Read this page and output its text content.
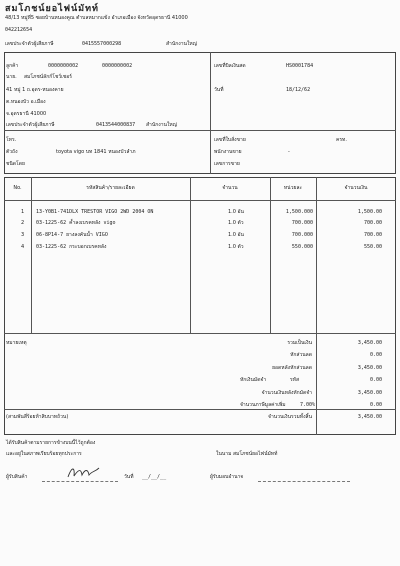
สมโภชน์ยอไฟน์มัทท์
48/13 หมู่ที่5 ซอยบ้านหนองคูณ ตำบลหมากแข้ง อำเภอเมือง จังหวัดอุดรธานี 41000
042212654
เลขประจำตัวผู้เสียภาษี	0415557000298	สำนักงานใหญ่
ลูกค้า	0000000002	0000000002
นาย. สมโภชน์ลักก์โชว์เชอร์
41 หมู่ 1 ถ.อุดร-หนองคาย
ต.หนองบัว อ.เมือง
จ.อุดรธานี 41000
เลขประจำตัวผู้เสียภาษี	0413544000837 สำนักงานใหญ่
เลขที่บิลเงินสด	HS0001784
วันที่	18/12/62
โทร.
ตัวถัง	toyota vigo บท 1841 หนองบัวลำภ
ชนิดโดย
เลขที่ใบสั่งขาย	ครท.
พนักงานขาย	-
เลขการขาย
No.	รหัสสินค้า/รายละเอียด	จำนวน	หน่วยละ	จำนวนเงิน
1 13-Y0B1-741DLX TRESTOR VIGO 2WD 2004 ON	1.0 อัน	1,500.000	1,500.00
2 03-1225-62 ค้ำลงเบรคหลัง vigo	1.0 ตัว	700.000	700.00
3 06-8P14-7 ยางลงคันน้ำ VIGO	1.0 อัน	700.000	700.00
4 03-1225-62 กระบอกเบรคหลัง	1.0 ตัว	550.000	550.00
หมายเหตุ	รวมเป็นเงิน	3,450.00
หักส่วนลด	0.00
ยอดหลังหักส่วนลด	3,450.00
หักเงินมัดจำ	รหัส	0.00
จำนวนเงินหลังหักมัดจำ	3,450.00
จำนวนภาษีมูลค่าเพิ่ม	7.00%	0.00
(สามพันสี่ร้อยห้าสิบบาทถ้วน)	จำนวนเงินรวมทั้งสิ้น	3,450.00
ได้รับสินค้าตามรายการข้างบนนี้ไว้ถูกต้อง
และอยู่ในสภาพเรียบร้อยทุกประการ	ในนาม สมโภชน์ยอไฟน์มัทท์
ผู้รับสินค้า	วันที่ __/__/__	ผู้รับมอบอำนาจ
